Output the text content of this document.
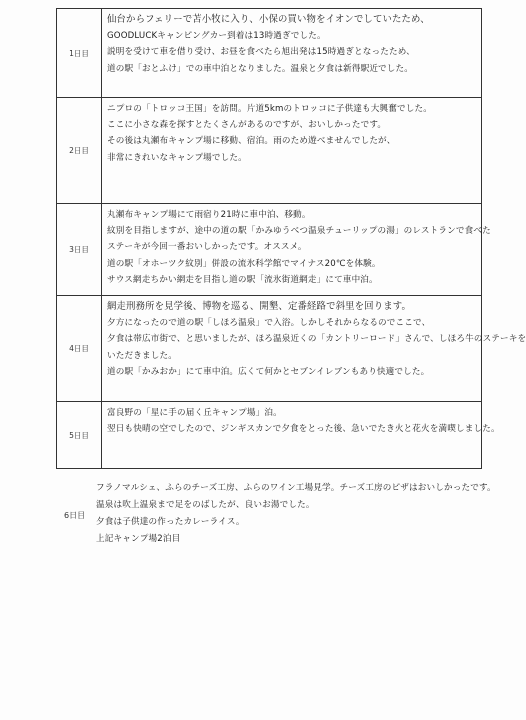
1日目	仙台からフェリーで苫小牧に入り、小保の買い物をイオンでしていたため、
GOODLUCKキャンピングカー到着は13時過ぎでした。
説明を受けて車を借り受け、お昼を食べたら旭出発は15時過ぎとなったため、
道の駅「おとふけ」での車中泊となりました。温泉と夕食は新得駅近でした。

2日目	ニプロの「トロッコ王国」を訪問。片道5kmのトロッコに子供達も大興奮でした。
ここに小さな森を探すとたくさんがあるのですが、おいしかったです。
その後は丸瀬布キャンプ場に移動、宿泊。雨のため遊べませんでしたが、
非常にきれいなキャンプ場でした。

3日目	丸瀬布キャンプ場にて雨宿り21時に車中泊、移動。
紋別を目指しますが、途中の道の駅「かみゆうべつ温泉チューリップの湯」のレストランで食べた
ステーキが今回一番おいしかったです。オススメ。
道の駅「オホーツク紋別」併設の流氷科学館でマイナス20℃を体験。
サウス網走ちかい網走を目指し道の駅「流氷街道網走」にて車中泊。

4日目	網走刑務所を見学後、博物を巡る、開墾、定番経路で斜里を回ります。
夕方になったので道の駅「しほろ温泉」で入浴。しかしそれからなるのでここで、
夕食は帯広市街で、と思いましたが、ほろ温泉近くの「カントリーロード」さんで、しほろ牛のステーキを
いただきました。
道の駅「かみおか」にて車中泊。広くて何かとセブンイレブンもあり快適でした。

5日目	富良野の「星に手の届く丘キャンプ場」泊。
翌日も快晴の空でしたので、ジンギスカンで夕食をとった後、急いでたき火と花火を満喫しました。
6日目
フラノマルシェ、ふらのチーズ工房、ふらのワイン工場見学。チーズ工房のピザはおいしかったです。
温泉は吹上温泉まで足をのばしたが、良いお湯でした。
夕食は子供達の作ったカレーライス。
上記キャンプ場2泊目
